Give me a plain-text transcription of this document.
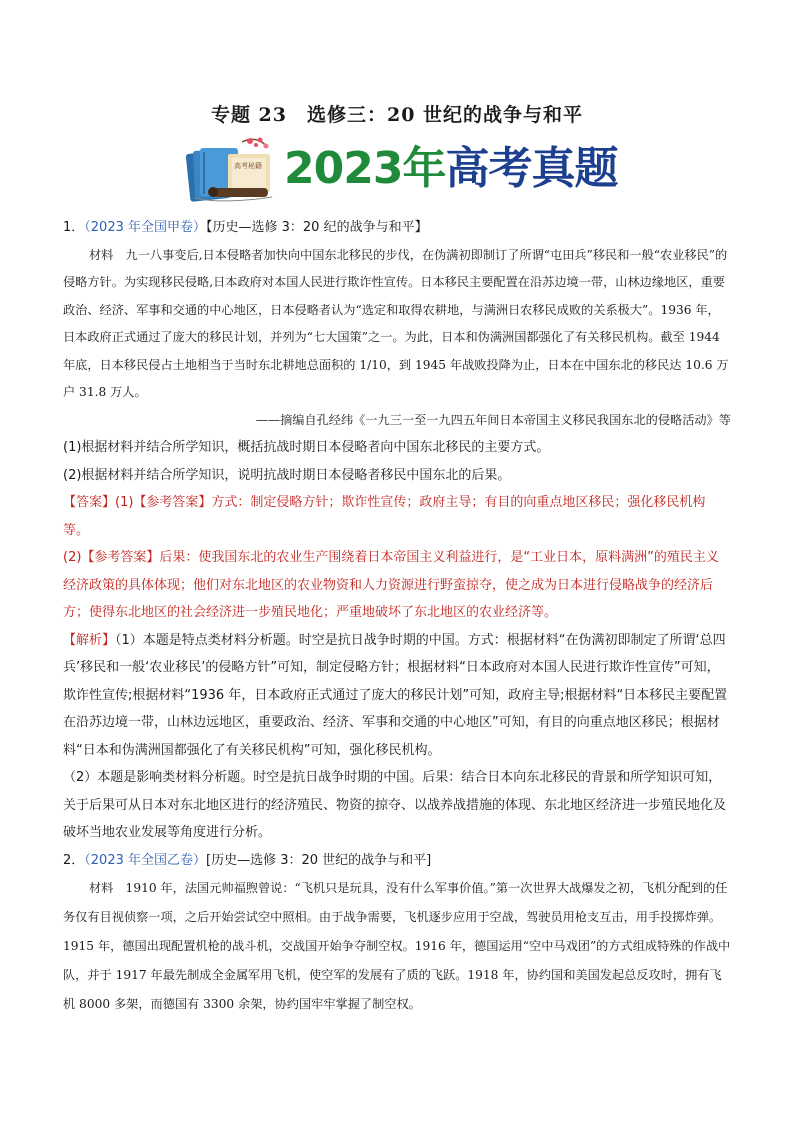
专题 23　选修三：20 世纪的战争与和平
高考秘籍 2023年高考真题

1．（2023 年全国甲卷）【历史—选修 3：20 纪的战争与和平】

材料　九一八事变后,日本侵略者加快向中国东北移民的步伐，在伪满初即制订了所谓“屯田兵”移民和一般“农业移民”的侵略方针。为实现移民侵略,日本政府对本国人民进行欺诈性宣传。日本移民主要配置在沿苏边境一带，山林边缘地区，重要政治、经济、军事和交通的中心地区，日本侵略者认为“选定和取得农耕地，与满洲日农移民成败的关系极大”。1936 年，日本政府正式通过了庞大的移民计划，并列为“七大国策”之一。为此，日本和伪满洲国都强化了有关移民机构。截至 1944 年底，日本移民侵占土地相当于当时东北耕地总面积的 1/10，到 1945 年战败投降为止，日本在中国东北的移民达 10.6 万户 31.8 万人。

——摘编自孔经纬《一九三一至一九四五年间日本帝国主义移民我国东北的侵略活动》等

(1)根据材料并结合所学知识，概括抗战时期日本侵略者向中国东北移民的主要方式。

(2)根据材料并结合所学知识，说明抗战时期日本侵略者移民中国东北的后果。

【答案】(1)【参考答案】方式：制定侵略方针；欺诈性宣传；政府主导；有目的向重点地区移民；强化移民机构等。

(2)【参考答案】后果：使我国东北的农业生产围绕着日本帝国主义利益进行，是“工业日本，原料满洲”的殖民主义经济政策的具体体现；他们对东北地区的农业物资和人力资源进行野蛮掠夺，使之成为日本进行侵略战争的经济后方；使得东北地区的社会经济进一步殖民地化；严重地破坏了东北地区的农业经济等。

【解析】（1）本题是特点类材料分析题。时空是抗日战争时期的中国。方式：根据材料“在伪满初即制定了所谓‘总四兵’移民和一般‘农业移民’的侵略方针”可知，制定侵略方针；根据材料“日本政府对本国人民进行欺诈性宣传”可知，欺诈性宣传;根据材料“1936 年，日本政府正式通过了庞大的移民计划”可知，政府主导;根据材料“日本移民主要配置在沿苏边境一带，山林边远地区，重要政治、经济、军事和交通的中心地区”可知，有目的向重点地区移民；根据材料“日本和伪满洲国都强化了有关移民机构”可知，强化移民机构。

（2）本题是影响类材料分析题。时空是抗日战争时期的中国。后果：结合日本向东北移民的背景和所学知识可知，关于后果可从日本对东北地区进行的经济殖民、物资的掠夺、以战养战措施的体现、东北地区经济进一步殖民地化及破坏当地农业发展等角度进行分析。

2．（2023 年全国乙卷）[历史—选修 3：20 世纪的战争与和平]

材料　1910 年，法国元帅福煦曾说：“飞机只是玩具，没有什么军事价值。”第一次世界大战爆发之初，飞机分配到的任务仅有目视侦察一项，之后开始尝试空中照相。由于战争需要，飞机逐步应用于空战，驾驶员用枪支互击，用手投掷炸弹。1915 年，德国出现配置机枪的战斗机，交战国开始争夺制空权。1916 年，德国运用“空中马戏团”的方式组成特殊的作战中队，并于 1917 年最先制成全金属军用飞机，使空军的发展有了质的飞跃。1918 年，协约国和美国发起总反攻时，拥有飞机 8000 多架，而德国有 3300 余架，协约国牢牢掌握了制空权。
